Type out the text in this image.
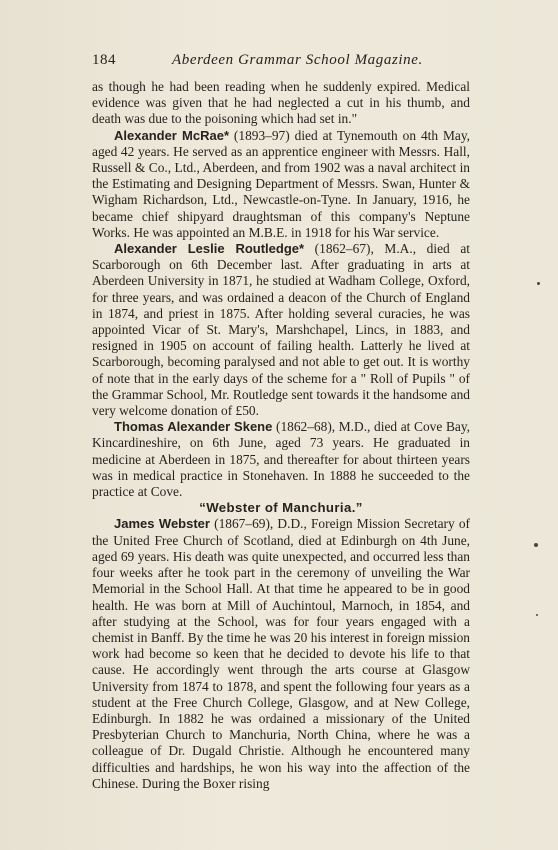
184	Aberdeen Grammar School Magazine.

as though he had been reading when he suddenly expired. Medical evidence was given that he had neglected a cut in his thumb, and death was due to the poisoning which had set in."

Alexander McRae* (1893–97) died at Tynemouth on 4th May, aged 42 years. He served as an apprentice engineer with Messrs. Hall, Russell & Co., Ltd., Aberdeen, and from 1902 was a naval architect in the Estimating and Designing Department of Messrs. Swan, Hunter & Wigham Richardson, Ltd., Newcastle-on-Tyne. In January, 1916, he became chief shipyard draughtsman of this company's Neptune Works. He was appointed an M.B.E. in 1918 for his War service.

Alexander Leslie Routledge* (1862–67), M.A., died at Scarborough on 6th December last. After graduating in arts at Aberdeen University in 1871, he studied at Wadham College, Oxford, for three years, and was ordained a deacon of the Church of England in 1874, and priest in 1875. After holding several curacies, he was appointed Vicar of St. Mary's, Marshchapel, Lincs, in 1883, and resigned in 1905 on account of failing health. Latterly he lived at Scarborough, becoming paralysed and not able to get out. It is worthy of note that in the early days of the scheme for a " Roll of Pupils " of the Grammar School, Mr. Routledge sent towards it the handsome and very welcome donation of £50.

Thomas Alexander Skene (1862–68), M.D., died at Cove Bay, Kincardineshire, on 6th June, aged 73 years. He graduated in medicine at Aberdeen in 1875, and thereafter for about thirteen years was in medical practice in Stonehaven. In 1888 he succeeded to the practice at Cove.

“Webster of Manchuria.”

James Webster (1867–69), D.D., Foreign Mission Secretary of the United Free Church of Scotland, died at Edinburgh on 4th June, aged 69 years. His death was quite unexpected, and occurred less than four weeks after he took part in the ceremony of unveiling the War Memorial in the School Hall. At that time he appeared to be in good health. He was born at Mill of Auchintoul, Marnoch, in 1854, and after studying at the School, was for four years engaged with a chemist in Banff. By the time he was 20 his interest in foreign mission work had become so keen that he decided to devote his life to that cause. He accordingly went through the arts course at Glasgow University from 1874 to 1878, and spent the following four years as a student at the Free Church College, Glasgow, and at New College, Edinburgh. In 1882 he was ordained a missionary of the United Presbyterian Church to Manchuria, North China, where he was a colleague of Dr. Dugald Christie. Although he encountered many difficulties and hardships, he won his way into the affection of the Chinese. During the Boxer rising
